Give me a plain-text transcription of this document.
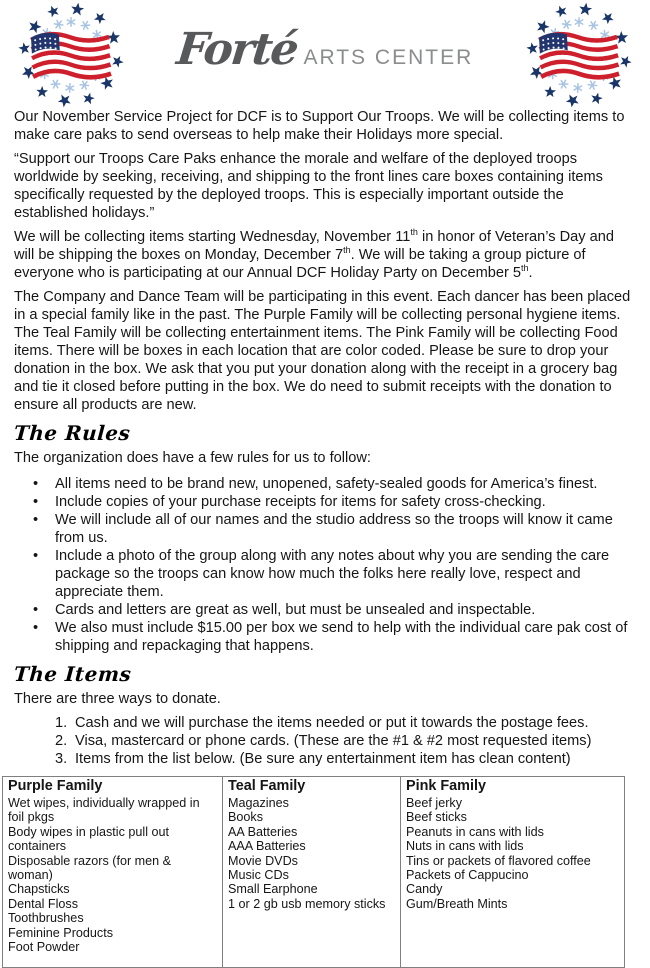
Forté ARTS CENTER

Our November Service Project for DCF is to Support Our Troops. We will be collecting items to make care paks to send overseas to help make their Holidays more special.

“Support our Troops Care Paks enhance the morale and welfare of the deployed troops worldwide by seeking, receiving, and shipping to the front lines care boxes containing items specifically requested by the deployed troops. This is especially important outside the established holidays.”

We will be collecting items starting Wednesday, November 11th in honor of Veteran’s Day and will be shipping the boxes on Monday, December 7th. We will be taking a group picture of everyone who is participating at our Annual DCF Holiday Party on December 5th.

The Company and Dance Team will be participating in this event. Each dancer has been placed in a special family like in the past. The Purple Family will be collecting personal hygiene items. The Teal Family will be collecting entertainment items. The Pink Family will be collecting Food items. There will be boxes in each location that are color coded. Please be sure to drop your donation in the box. We ask that you put your donation along with the receipt in a grocery bag and tie it closed before putting in the box. We do need to submit receipts with the donation to ensure all products are new.

The Rules

The organization does have a few rules for us to follow:

• All items need to be brand new, unopened, safety-sealed goods for America’s finest.
• Include copies of your purchase receipts for items for safety cross-checking.
• We will include all of our names and the studio address so the troops will know it came from us.
• Include a photo of the group along with any notes about why you are sending the care package so the troops can know how much the folks here really love, respect and appreciate them.
• Cards and letters are great as well, but must be unsealed and inspectable.
• We also must include $15.00 per box we send to help with the individual care pak cost of shipping and repackaging that happens.
The Items

There are three ways to donate.

1. Cash and we will purchase the items needed or put it towards the postage fees.
2. Visa, mastercard or phone cards. (These are the #1 & #2 most requested items)
3. Items from the list below. (Be sure any entertainment item has clean content)
Purple Family
Wet wipes, individually wrapped in foil pkgs
Body wipes in plastic pull out containers
Disposable razors (for men & woman)
Chapsticks
Dental Floss
Toothbrushes
Feminine Products
Foot Powder

Teal Family
Magazines
Books
AA Batteries
AAA Batteries
Movie DVDs
Music CDs
Small Earphone
1 or 2 gb usb memory sticks

Pink Family
Beef jerky
Beef sticks
Peanuts in cans with lids
Nuts in cans with lids
Tins or packets of flavored coffee
Packets of Cappucino
Candy
Gum/Breath Mints
